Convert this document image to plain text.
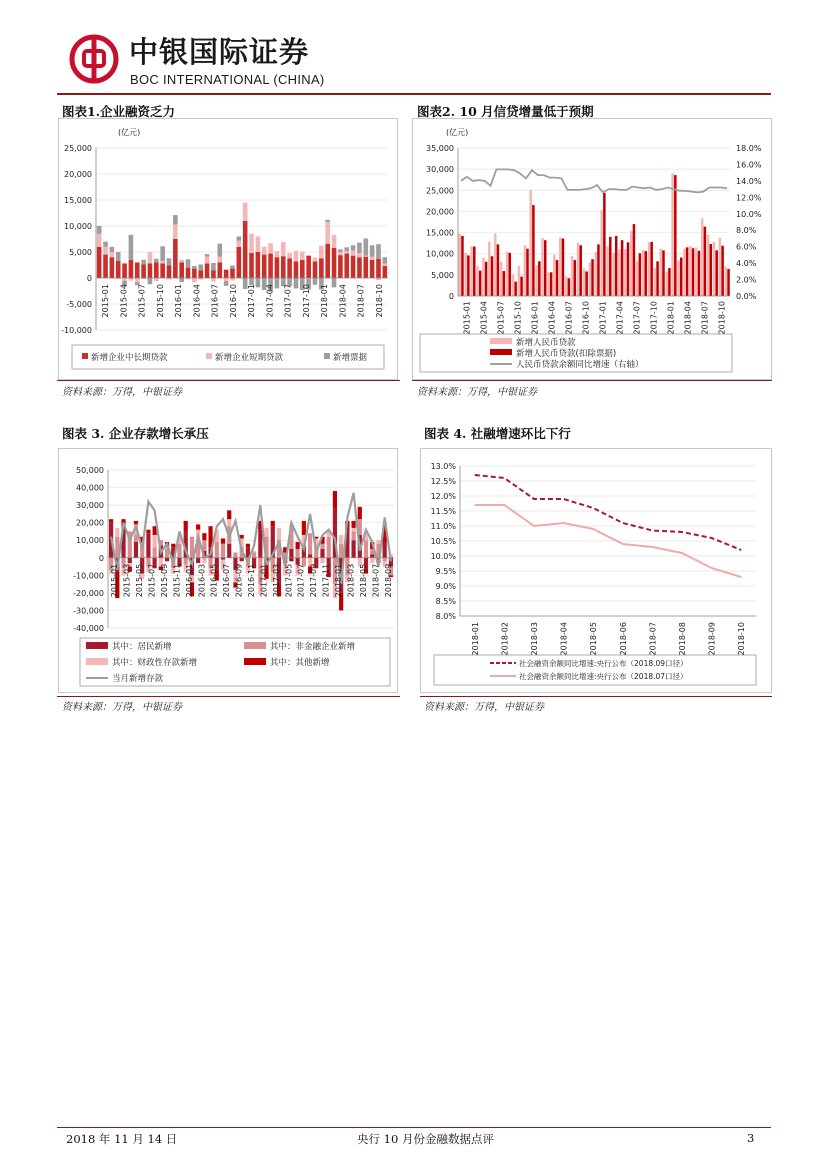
中银国际证券
BOC INTERNATIONAL (CHINA)
图表1.企业融资乏力	图表2. 10 月信贷增量低于预期
图表 3. 企业存款增长承压	图表 4. 社融增速环比下行
25,000
20,000
15,000
10,000
5,000
0
-5,000
-10,000
2015-01 2015-04 2015-07 2015-10 2016-01 2016-04 2016-07 2016-10 2017-01 2017-04 2017-07 2017-10 2018-01 2018-04 2018-07 2018-10
(亿元)
新增企业中长期贷款	新增企业短期贷款	新增票据
35,000
30,000
25,000
20,000
15,000
10,000
5,000
0
18.0%
16.0%
14.0%
12.0%
10.0%
8.0%
6.0%
4.0%
2.0%
0.0%
2015-01 2015-04 2015-07 2015-10 2016-01 2016-04 2016-07 2016-10 2017-01 2017-04 2017-07 2017-10 2018-01 2018-04 2018-07 2018-10
(亿元)
新增人民币贷款
新增人民币贷款(扣除票据)
人民币贷款余额同比增速（右轴）
50,000
40,000
30,000
20,000
10,000
0
-10,000
-20,000
-30,000
-40,000
2015-01 2015-03 2015-05 2015-07 2015-09 2015-11 2016-01 2016-03 2016-05 2016-07 2016-09 2016-11 2017-01 2017-03 2017-05 2017-07 2017-09 2017-11 2018-01 2018-03 2018-05 2018-07 2018-09
其中：居民新增	其中：非金融企业新增
其中：财政性存款新增	其中：其他新增
当月新增存款
13.0%
12.5%
12.0%
11.5%
11.0%
10.5%
10.0%
9.5%
9.0%
8.5%
8.0%
2018-01	2018-02	2018-03	2018-04	2018-05	2018-06	2018-07	2018-08	2018-09	2018-10
社会融资余额同比增速:央行公布（2018.09口径）
社会融资余额同比增速:央行公布（2018.07口径）
资料来源：万得，中银证券	资料来源：万得，中银证券
资料来源：万得，中银证券	资料来源：万得，中银证券
2018 年 11 月 14 日	央行 10 月份金融数据点评	3
